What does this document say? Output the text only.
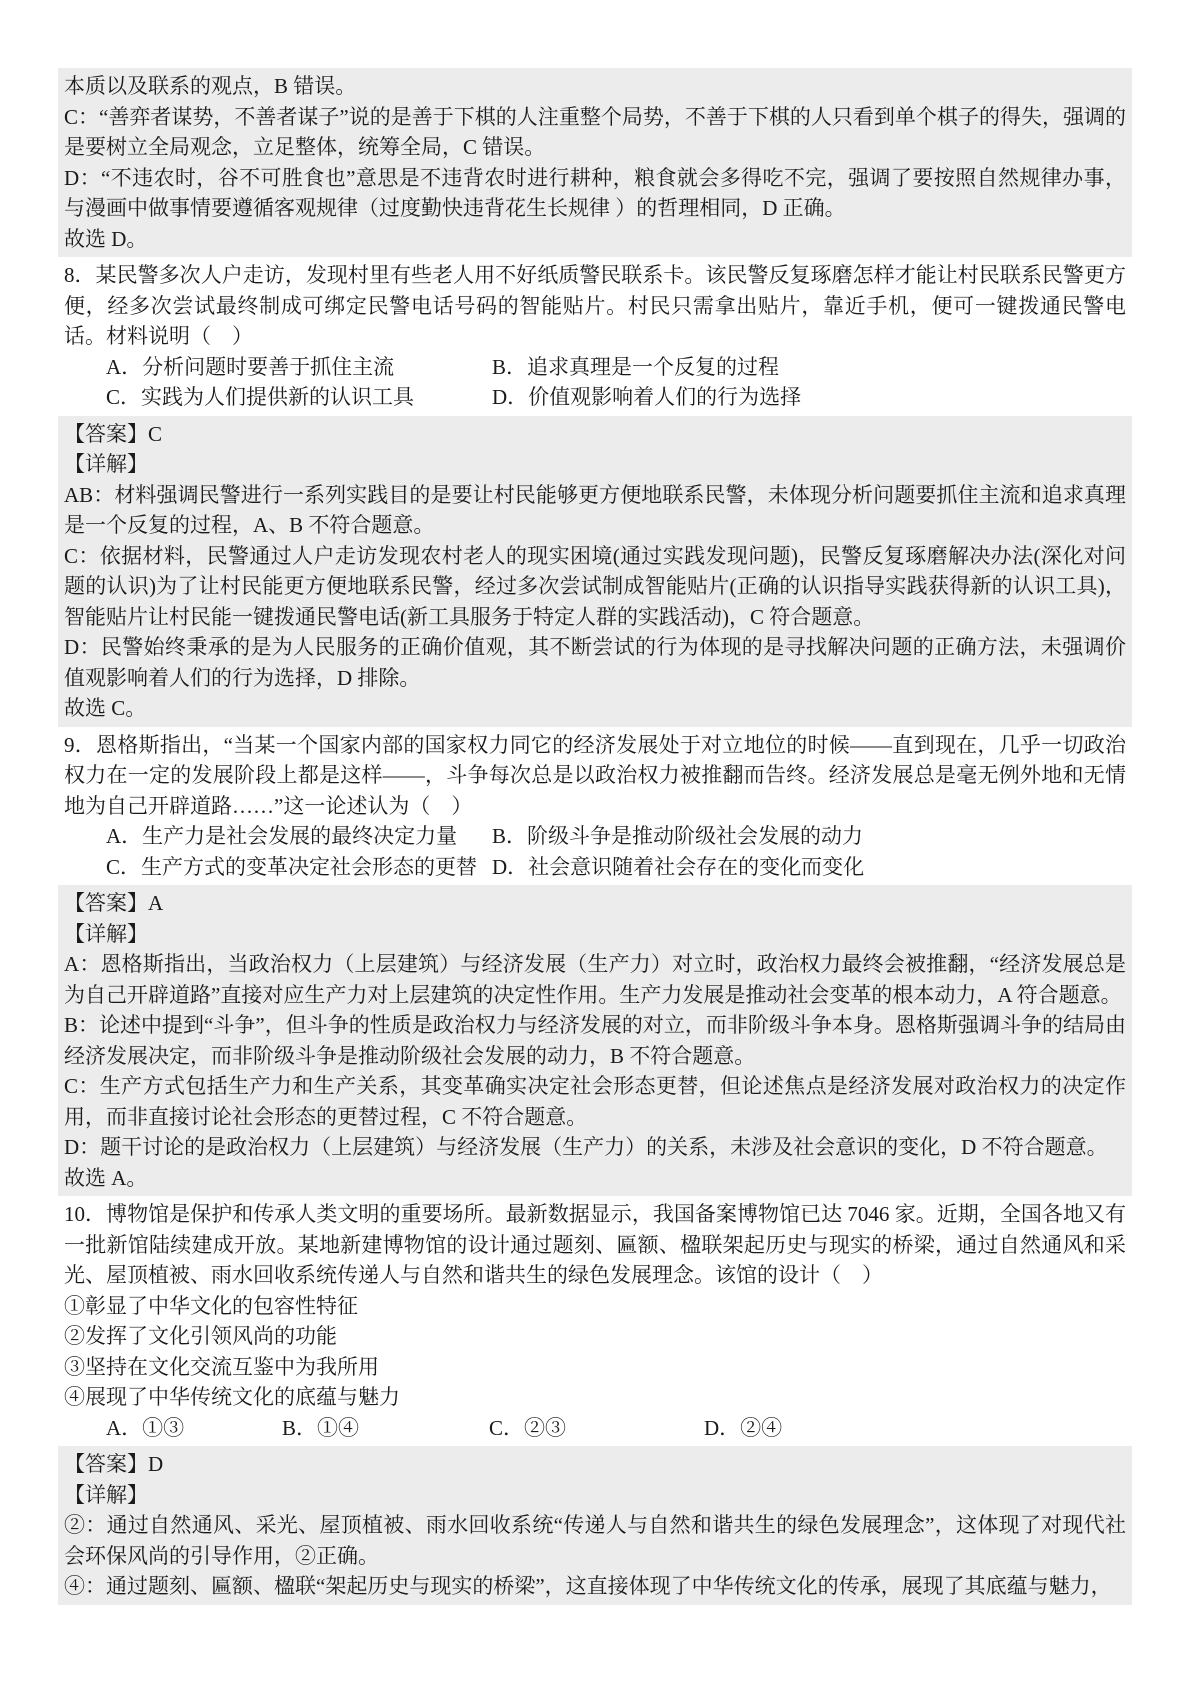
本质以及联系的观点，B 错误。
C：“善弈者谋势，不善者谋子”说的是善于下棋的人注重整个局势，不善于下棋的人只看到单个棋子的得失，强调的是要树立全局观念，立足整体，统筹全局，C 错误。
D：“不违农时，谷不可胜食也”意思是不违背农时进行耕种，粮食就会多得吃不完，强调了要按照自然规律办事，与漫画中做事情要遵循客观规律（过度勤快违背花生长规律 ）的哲理相同，D 正确。
故选 D。
8．某民警多次人户走访，发现村里有些老人用不好纸质警民联系卡。该民警反复琢磨怎样才能让村民联系民警更方便，经多次尝试最终制成可绑定民警电话号码的智能贴片。村民只需拿出贴片，靠近手机，便可一键拨通民警电话。材料说明（　）
A．分析问题时要善于抓住主流	B．追求真理是一个反复的过程
C．实践为人们提供新的认识工具	D．价值观影响着人们的行为选择
【答案】C
【详解】
AB：材料强调民警进行一系列实践目的是要让村民能够更方便地联系民警，未体现分析问题要抓住主流和追求真理是一个反复的过程，A、B 不符合题意。
C：依据材料，民警通过人户走访发现农村老人的现实困境(通过实践发现问题)，民警反复琢磨解决办法(深化对问题的认识)为了让村民能更方便地联系民警，经过多次尝试制成智能贴片(正确的认识指导实践获得新的认识工具)，智能贴片让村民能一键拨通民警电话(新工具服务于特定人群的实践活动)，C 符合题意。
D：民警始终秉承的是为人民服务的正确价值观，其不断尝试的行为体现的是寻找解决问题的正确方法，未强调价值观影响着人们的行为选择，D 排除。
故选 C。
9．恩格斯指出，“当某一个国家内部的国家权力同它的经济发展处于对立地位的时候——直到现在，几乎一切政治权力在一定的发展阶段上都是这样——，斗争每次总是以政治权力被推翻而告终。经济发展总是毫无例外地和无情地为自己开辟道路……”这一论述认为（　）
A．生产力是社会发展的最终决定力量	B．阶级斗争是推动阶级社会发展的动力
C．生产方式的变革决定社会形态的更替 D．社会意识随着社会存在的变化而变化
【答案】A
【详解】
A：恩格斯指出，当政治权力（上层建筑）与经济发展（生产力）对立时，政治权力最终会被推翻，“经济发展总是为自己开辟道路”直接对应生产力对上层建筑的决定性作用。生产力发展是推动社会变革的根本动力，A 符合题意。
B：论述中提到“斗争”，但斗争的性质是政治权力与经济发展的对立，而非阶级斗争本身。恩格斯强调斗争的结局由经济发展决定，而非阶级斗争是推动阶级社会发展的动力，B 不符合题意。
C：生产方式包括生产力和生产关系，其变革确实决定社会形态更替，但论述焦点是经济发展对政治权力的决定作用，而非直接讨论社会形态的更替过程，C 不符合题意。
D：题干讨论的是政治权力（上层建筑）与经济发展（生产力）的关系，未涉及社会意识的变化，D 不符合题意。
故选 A。
10．博物馆是保护和传承人类文明的重要场所。最新数据显示，我国备案博物馆已达 7046 家。近期，全国各地又有一批新馆陆续建成开放。某地新建博物馆的设计通过题刻、匾额、楹联架起历史与现实的桥梁，通过自然通风和采光、屋顶植被、雨水回收系统传递人与自然和谐共生的绿色发展理念。该馆的设计（　）
①彰显了中华文化的包容性特征
②发挥了文化引领风尚的功能
③坚持在文化交流互鉴中为我所用
④展现了中华传统文化的底蕴与魅力
A．①③	B．①④	C．②③	D．②④
【答案】D
【详解】
②：通过自然通风、采光、屋顶植被、雨水回收系统“传递人与自然和谐共生的绿色发展理念”，这体现了对现代社会环保风尚的引导作用，②正确。
④：通过题刻、匾额、楹联“架起历史与现实的桥梁”，这直接体现了中华传统文化的传承，展现了其底蕴与魅力，
